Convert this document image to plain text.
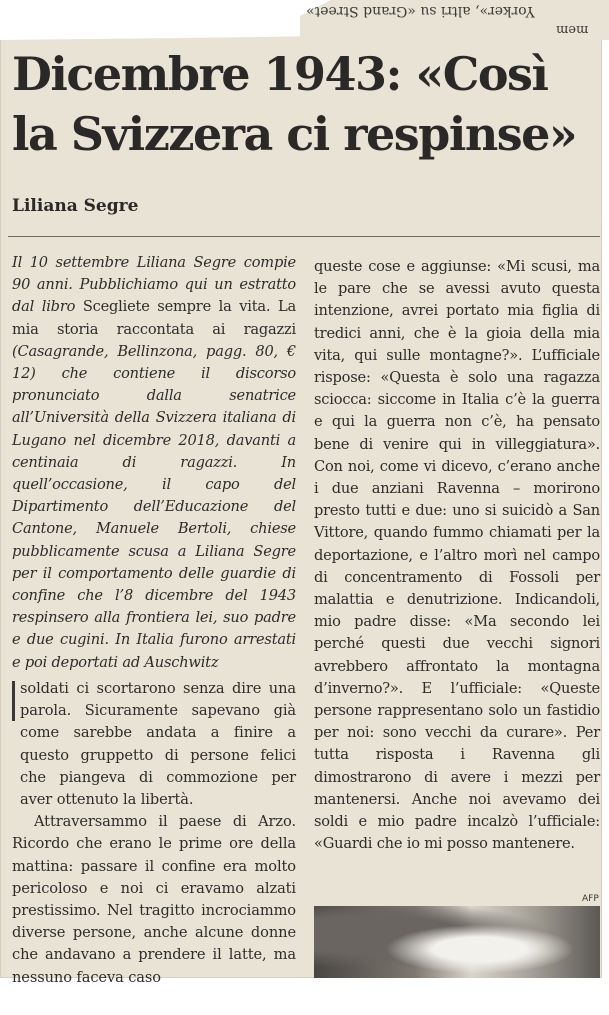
Yorker», altri su «Grand Street»
mem
Dicembre 1943: «Così
la Svizzera ci respinse»
Liliana Segre

Il 10 settembre Liliana Segre compie 90 anni. Pubblichiamo qui un estratto dal libro Scegliete sempre la vita. La mia storia raccontata ai ragazzi (Casagrande, Bellinzona, pagg. 80, € 12) che contiene il discorso pronunciato dalla senatrice all’Università della Svizzera italiana di Lugano nel dicembre 2018, davanti a centinaia di ragazzi. In quell’occasione, il capo del Dipartimento dell’Educazione del Cantone, Manuele Bertoli, chiese pubblicamente scusa a Liliana Segre per il comportamento delle guardie di confine che l’8 dicembre del 1943 respinsero alla frontiera lei, suo padre e due cugini. In Italia furono arrestati e poi deportati ad Auschwitz

soldati ci scortarono senza dire una parola. Sicuramente sapevano già come sarebbe andata a finire a questo gruppetto di persone felici che piangeva di commozione per aver ottenuto la libertà.
Attraversammo il paese di Arzo. Ricordo che erano le prime ore della mattina: passare il confine era molto pericoloso e noi ci eravamo alzati prestissimo. Nel tragitto incrociammo diverse persone, anche alcune donne che andavano a prendere il latte, ma nessuno faceva caso

queste cose e aggiunse: «Mi scusi, ma le pare che se avessi avuto questa intenzione, avrei portato mia figlia di tredici anni, che è la gioia della mia vita, qui sulle montagne?». L’ufficiale rispose: «Questa è solo una ragazza sciocca: siccome in Italia c’è la guerra e qui la guerra non c’è, ha pensato bene di venire qui in villeggiatura». Con noi, come vi dicevo, c’erano anche i due anziani Ravenna – morirono presto tutti e due: uno si suicidò a San Vittore, quando fummo chiamati per la deportazione, e l’altro morì nel campo di concentramento di Fossoli per malattia e denutrizione. Indicandoli, mio padre disse: «Ma secondo lei perché questi due vecchi signori avrebbero affrontato la montagna d’inverno?». E l’ufficiale: «Queste persone rappresentano solo un fastidio per noi: sono vecchi da curare». Per tutta risposta i Ravenna gli dimostrarono di avere i mezzi per mantenersi. Anche noi avevamo dei soldi e mio padre incalzò l’ufficiale: «Guardi che io mi posso mantenere.

AFP
